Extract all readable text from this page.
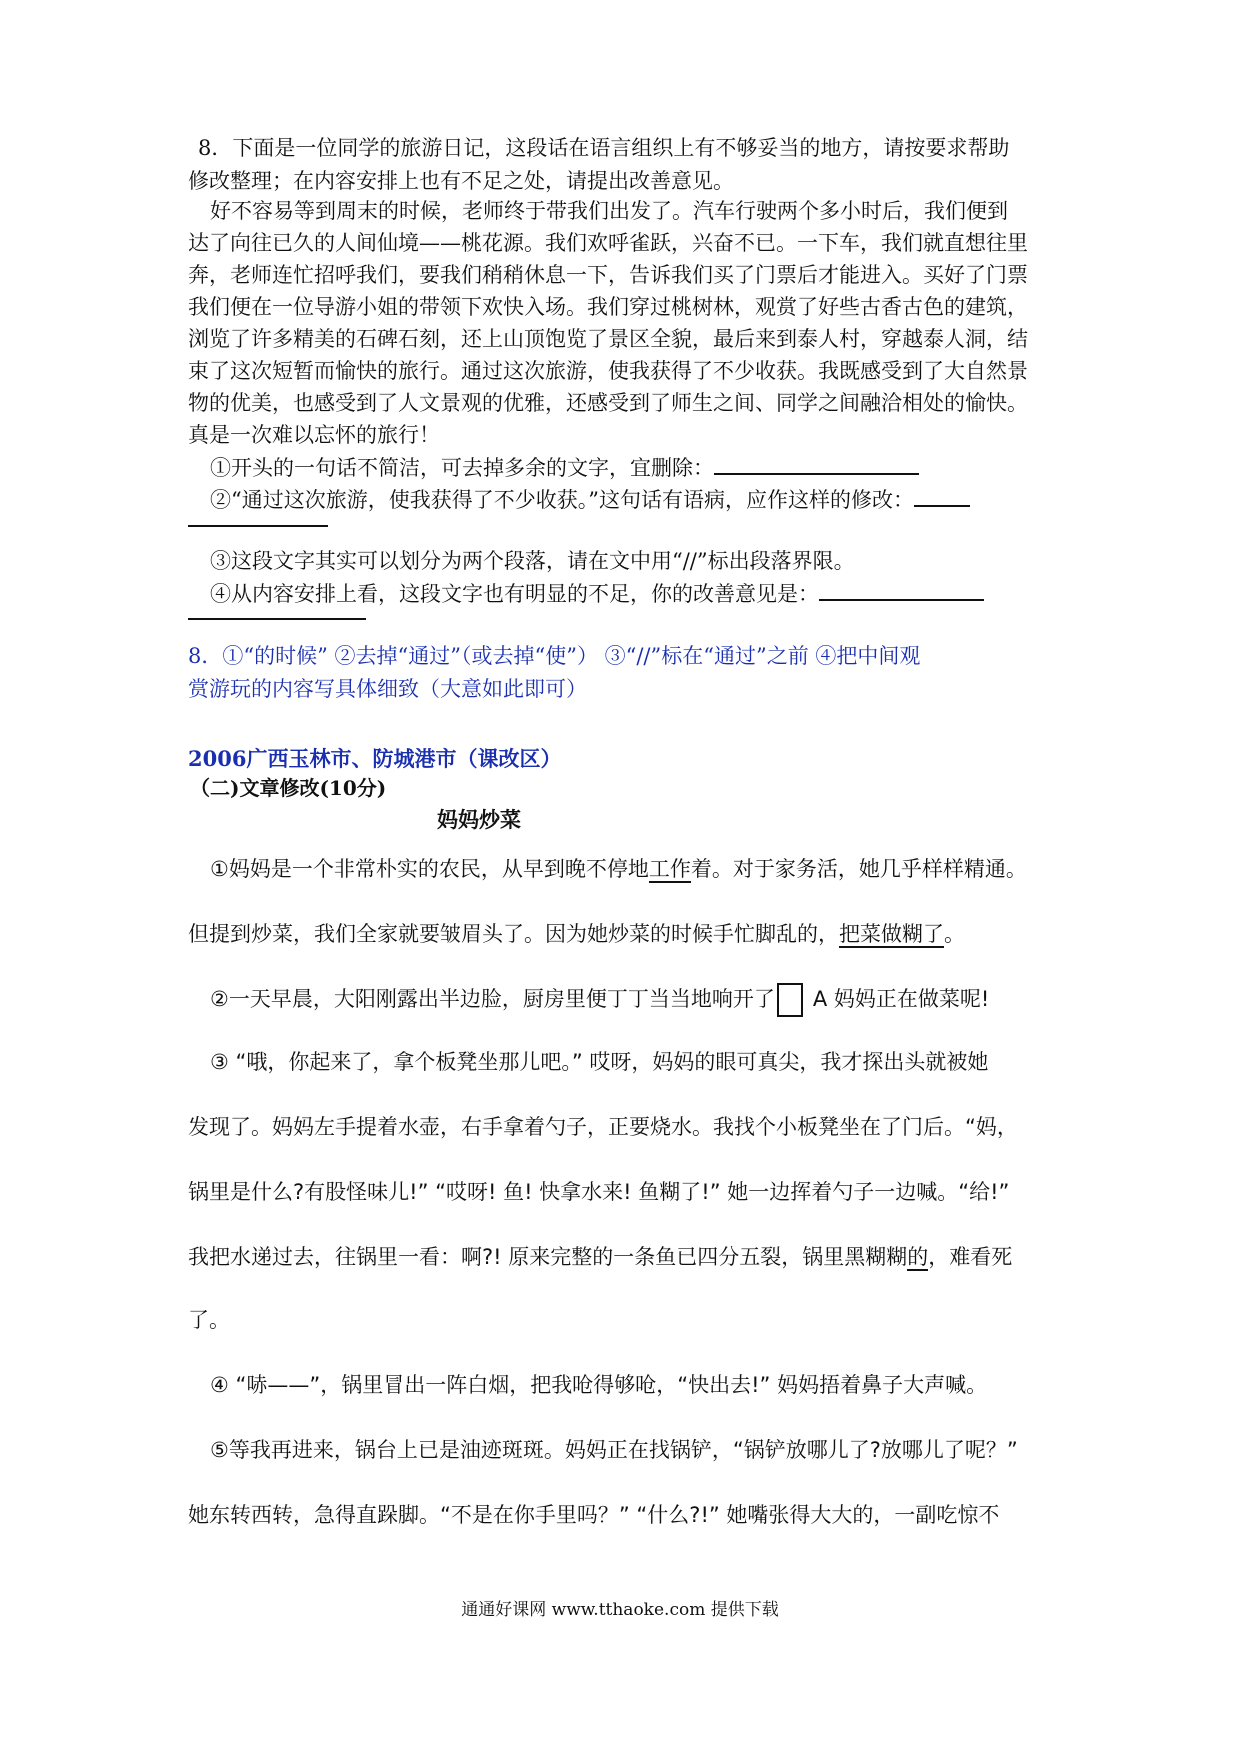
8．下面是一位同学的旅游日记，这段话在语言组织上有不够妥当的地方，请按要求帮助
修改整理；在内容安排上也有不足之处，请提出改善意见。
好不容易等到周末的时候，老师终于带我们出发了。汽车行驶两个多小时后，我们便到
达了向往已久的人间仙境——桃花源。我们欢呼雀跃，兴奋不已。一下车，我们就直想往里
奔，老师连忙招呼我们，要我们稍稍休息一下，告诉我们买了门票后才能进入。买好了门票
我们便在一位导游小姐的带领下欢快入场。我们穿过桃树林，观赏了好些古香古色的建筑，
浏览了许多精美的石碑石刻，还上山顶饱览了景区全貌，最后来到泰人村，穿越泰人洞，结
束了这次短暂而愉快的旅行。通过这次旅游，使我获得了不少收获。我既感受到了大自然景
物的优美，也感受到了人文景观的优雅，还感受到了师生之间、同学之间融洽相处的愉快。
真是一次难以忘怀的旅行！
①开头的一句话不简洁，可去掉多余的文字，宜删除：
②“通过这次旅游，使我获得了不少收获。”这句话有语病，应作这样的修改：
③这段文字其实可以划分为两个段落，请在文中用“//”标出段落界限。
④从内容安排上看，这段文字也有明显的不足，你的改善意见是：
8．①“的时候” ②去掉“通过”（或去掉“使”） ③“//”标在“通过”之前 ④把中间观
赏游玩的内容写具体细致（大意如此即可）
2006广西玉林市、防城港市（课改区）
（二)文章修改(10分)
妈妈炒菜
①妈妈是一个非常朴实的农民，从早到晚不停地工作着。对于家务活，她几乎样样精通。
但提到炒菜，我们全家就要皱眉头了。因为她炒菜的时候手忙脚乱的，把菜做糊了。
②一天早晨，大阳刚露出半边脸，厨房里便丁丁当当地响开了 A 妈妈正在做菜呢!
③ “哦，你起来了，拿个板凳坐那儿吧。” 哎呀，妈妈的眼可真尖，我才探出头就被她
发现了。妈妈左手提着水壶，右手拿着勺子，正要烧水。我找个小板凳坐在了门后。“妈，
锅里是什么?有股怪味儿!” “哎呀! 鱼! 快拿水来! 鱼糊了!” 她一边挥着勺子一边喊。“给!”
我把水递过去，往锅里一看：啊?! 原来完整的一条鱼已四分五裂，锅里黑糊糊的，难看死
了。
④ “哧——”，锅里冒出一阵白烟，把我呛得够呛，“快出去!” 妈妈捂着鼻子大声喊。
⑤等我再进来，锅台上已是油迹斑斑。妈妈正在找锅铲，“锅铲放哪儿了?放哪儿了呢？”
她东转西转，急得直跺脚。“不是在你手里吗？” “什么?!” 她嘴张得大大的，一副吃惊不
通通好课网 www.tthaoke.com 提供下载
